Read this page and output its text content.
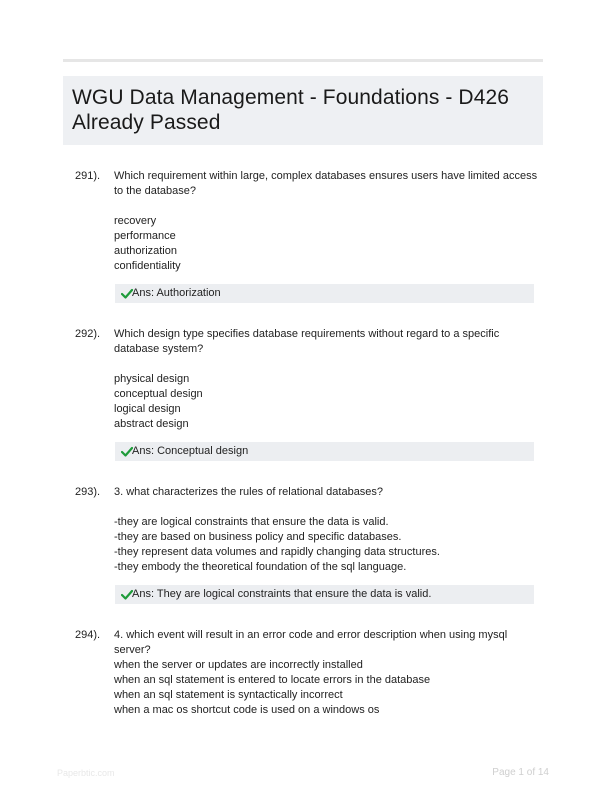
WGU Data Management - Foundations - D426
Already Passed
291). Which requirement within large, complex databases ensures users have limited access to the database?
recovery
performance
authorization
confidentiality
Ans: Authorization
292). Which design type specifies database requirements without regard to a specific database system?
physical design
conceptual design
logical design
abstract design
Ans: Conceptual design
293). 3. what characterizes the rules of relational databases?
-they are logical constraints that ensure the data is valid.
-they are based on business policy and specific databases.
-they represent data volumes and rapidly changing data structures.
-they embody the theoretical foundation of the sql language.
Ans: They are logical constraints that ensure the data is valid.
294). 4. which event will result in an error code and error description when using mysql server?
when the server or updates are incorrectly installed
when an sql statement is entered to locate errors in the database
when an sql statement is syntactically incorrect
when a mac os shortcut code is used on a windows os
Paperbtic.com	Page 1 of 14
